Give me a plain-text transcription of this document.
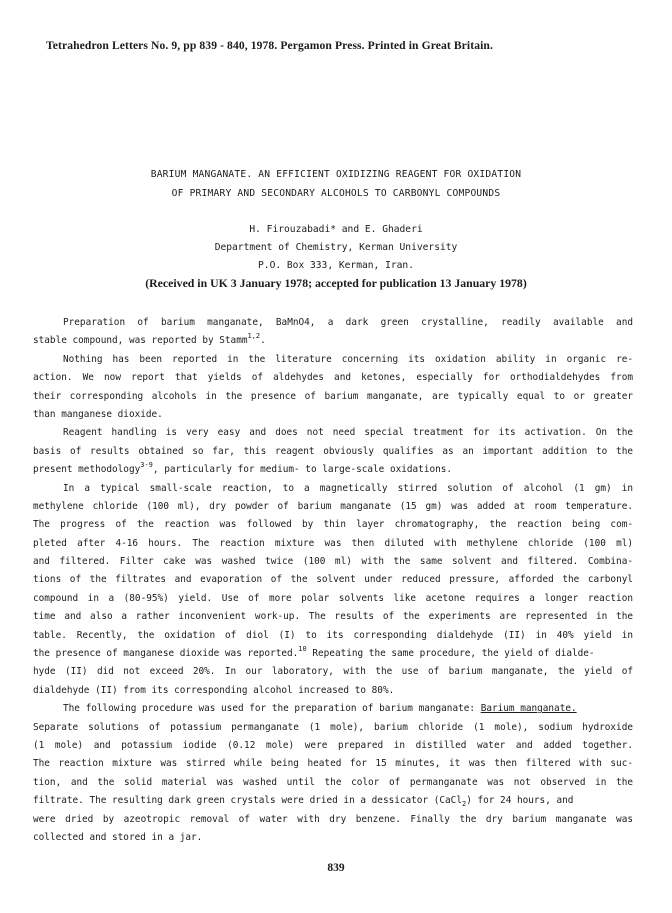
Tetrahedron Letters No. 9, pp 839 - 840, 1978. Pergamon Press. Printed in Great Britain.
BARIUM MANGANATE. AN EFFICIENT OXIDIZING REAGENT FOR OXIDATION
OF PRIMARY AND SECONDARY ALCOHOLS TO CARBONYL COMPOUNDS
H. Firouzabadi* and E. Ghaderi
Department of Chemistry, Kerman University
P.O. Box 333, Kerman, Iran.
(Received in UK 3 January 1978; accepted for publication 13 January 1978)
Preparation of barium manganate, BaMnO4, a dark green crystalline, readily available and
stable compound, was reported by Stamm$^{1,2}$.
Nothing has been reported in the literature concerning its oxidation ability in organic re-
action. We now report that yields of aldehydes and ketones, especially for orthodialdehydes from
their corresponding alcohols in the presence of barium manganate, are typically equal to or greater
than manganese dioxide.
Reagent handling is very easy and does not need special treatment for its activation. On the
basis of results obtained so far, this reagent obviously qualifies as an important addition to the
present methodology$^{3-9}$, particularly for medium- to large-scale oxidations.
In a typical small-scale reaction, to a magnetically stirred solution of alcohol (1 gm) in
methylene chloride (100 ml), dry powder of barium manganate (15 gm) was added at room temperature.
The progress of the reaction was followed by thin layer chromatography, the reaction being com-
pleted after 4-16 hours. The reaction mixture was then diluted with methylene chloride (100 ml)
and filtered. Filter cake was washed twice (100 ml) with the same solvent and filtered. Combina-
tions of the filtrates and evaporation of the solvent under reduced pressure, afforded the carbonyl
compound in a (80-95%) yield. Use of more polar solvents like acetone requires a longer reaction
time and also a rather inconvenient work-up. The results of the experiments are represented in the
table. Recently, the oxidation of diol (I) to its corresponding dialdehyde (II) in 40% yield in
the presence of manganese dioxide was reported.$^{10}$ Repeating the same procedure, the yield of dialde-
hyde (II) did not exceed 20%. In our laboratory, with the use of barium manganate, the yield of
dialdehyde (II) from its corresponding alcohol increased to 80%.
The following procedure was used for the preparation of barium manganate: Barium manganate.
Separate solutions of potassium permanganate (1 mole), barium chloride (1 mole), sodium hydroxide
(1 mole) and potassium iodide (0.12 mole) were prepared in distilled water and added together.
The reaction mixture was stirred while being heated for 15 minutes, it was then filtered with suc-
tion, and the solid material was washed until the color of permanganate was not observed in the
filtrate. The resulting dark green crystals were dried in a dessicator (CaCl$_2$) for 24 hours, and
were dried by azeotropic removal of water with dry benzene. Finally the dry barium manganate was
collected and stored in a jar.
839
